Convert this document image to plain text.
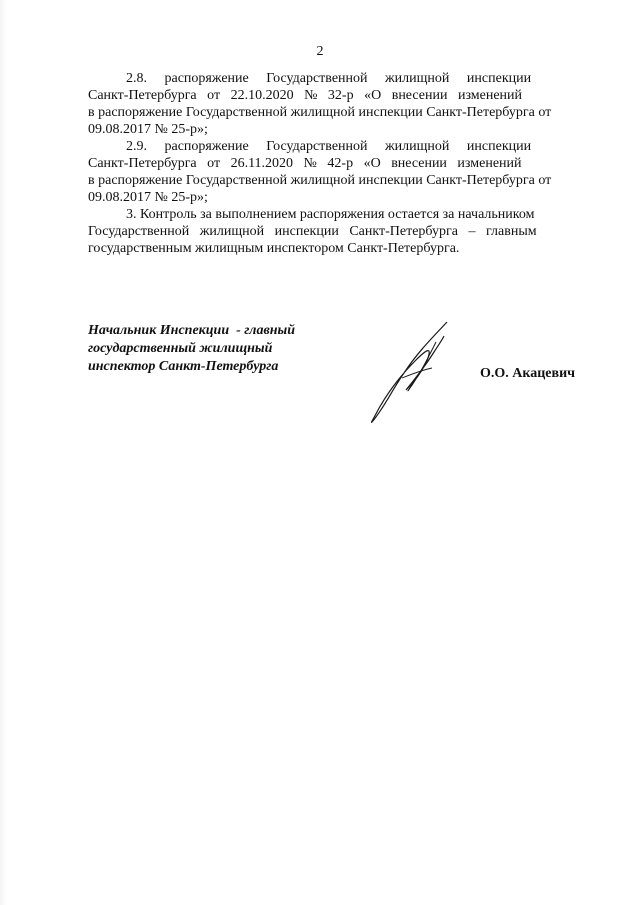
2
2.8.     распоряжение     Государственной     жилищной     инспекции
Санкт-Петербурга   от   22.10.2020   №   32-р   «О   внесении   изменений
в распоряжение Государственной жилищной инспекции Санкт-Петербурга от
09.08.2017 № 25-р»;
2.9.     распоряжение     Государственной     жилищной     инспекции
Санкт-Петербурга   от   26.11.2020   №   42-р   «О   внесении   изменений
в распоряжение Государственной жилищной инспекции Санкт-Петербурга от
09.08.2017 № 25-р»;
3. Контроль за выполнением распоряжения остается за начальником
Государственной   жилищной   инспекции   Санкт-Петербурга   –   главным
государственным жилищным инспектором Санкт-Петербурга.
Начальник Инспекции  - главный
государственный жилищный
инспектор Санкт-Петербурга	О.О. Акацевич
